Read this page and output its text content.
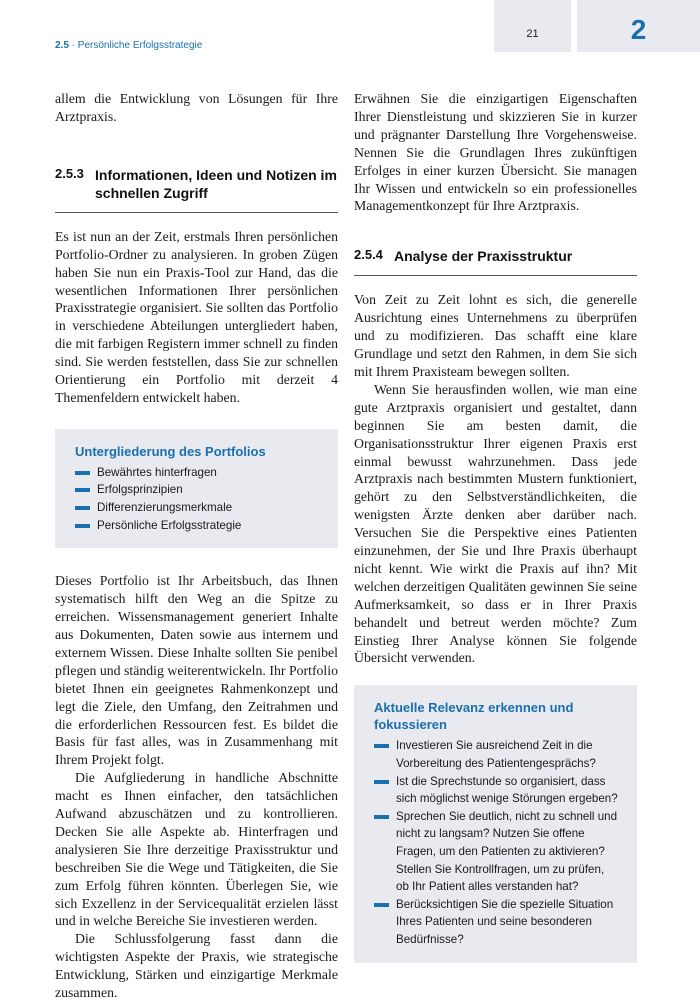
21	2
2.5 · Persönliche Erfolgsstrategie

allem die Entwicklung von Lösungen für Ihre Arztpraxis.

2.5.3 Informationen, Ideen und Notizen im schnellen Zugriff

Es ist nun an der Zeit, erstmals Ihren persönlichen Portfolio-Ordner zu analysieren. In groben Zügen haben Sie nun ein Praxis-Tool zur Hand, das die wesentlichen Informationen Ihrer persönlichen Praxisstrategie organisiert. Sie sollten das Portfolio in verschiedene Abteilungen untergliedert haben, die mit farbigen Registern immer schnell zu finden sind. Sie werden feststellen, dass Sie zur schnellen Orientierung ein Portfolio mit derzeit 4 Themenfeldern entwickelt haben.

Untergliederung des Portfolios
Bewährtes hinterfragen
Erfolgsprinzipien
Differenzierungsmerkmale
Persönliche Erfolgsstrategie

Dieses Portfolio ist Ihr Arbeitsbuch, das Ihnen systematisch hilft den Weg an die Spitze zu erreichen. Wissensmanagement generiert Inhalte aus Dokumenten, Daten sowie aus internem und externem Wissen. Diese Inhalte sollten Sie penibel pflegen und ständig weiterentwickeln. Ihr Portfolio bietet Ihnen ein geeignetes Rahmenkonzept und legt die Ziele, den Umfang, den Zeitrahmen und die erforderlichen Ressourcen fest. Es bildet die Basis für fast alles, was in Zusammenhang mit Ihrem Projekt folgt.

Die Aufgliederung in handliche Abschnitte macht es Ihnen einfacher, den tatsächlichen Aufwand abzuschätzen und zu kontrollieren. Decken Sie alle Aspekte ab. Hinterfragen und analysieren Sie Ihre derzeitige Praxisstruktur und beschreiben Sie die Wege und Tätigkeiten, die Sie zum Erfolg führen könnten. Überlegen Sie, wie sich Exzellenz in der Servicequalität erzielen lässt und in welche Bereiche Sie investieren werden.

Die Schlussfolgerung fasst dann die wichtigsten Aspekte der Praxis, wie strategische Entwicklung, Stärken und einzigartige Merkmale zusammen.

Erwähnen Sie die einzigartigen Eigenschaften Ihrer Dienstleistung und skizzieren Sie in kurzer und prägnanter Darstellung Ihre Vorgehensweise. Nennen Sie die Grundlagen Ihres zukünftigen Erfolges in einer kurzen Übersicht. Sie managen Ihr Wissen und entwickeln so ein professionelles Managementkonzept für Ihre Arztpraxis.

2.5.4 Analyse der Praxisstruktur

Von Zeit zu Zeit lohnt es sich, die generelle Ausrichtung eines Unternehmens zu überprüfen und zu modifizieren. Das schafft eine klare Grundlage und setzt den Rahmen, in dem Sie sich mit Ihrem Praxisteam bewegen sollten.

Wenn Sie herausfinden wollen, wie man eine gute Arztpraxis organisiert und gestaltet, dann beginnen Sie am besten damit, die Organisationsstruktur Ihrer eigenen Praxis erst einmal bewusst wahrzunehmen. Dass jede Arztpraxis nach bestimmten Mustern funktioniert, gehört zu den Selbstverständlichkeiten, die wenigsten Ärzte denken aber darüber nach. Versuchen Sie die Perspektive eines Patienten einzunehmen, der Sie und Ihre Praxis überhaupt nicht kennt. Wie wirkt die Praxis auf ihn? Mit welchen derzeitigen Qualitäten gewinnen Sie seine Aufmerksamkeit, so dass er in Ihrer Praxis behandelt und betreut werden möchte? Zum Einstieg Ihrer Analyse können Sie folgende Übersicht verwenden.

Aktuelle Relevanz erkennen und fokussieren
Investieren Sie ausreichend Zeit in die Vorbereitung des Patientengesprächs?
Ist die Sprechstunde so organisiert, dass sich möglichst wenige Störungen ergeben?
Sprechen Sie deutlich, nicht zu schnell und nicht zu langsam? Nutzen Sie offene Fragen, um den Patienten zu aktivieren? Stellen Sie Kontrollfragen, um zu prüfen, ob Ihr Patient alles verstanden hat?
Berücksichtigen Sie die spezielle Situation Ihres Patienten und seine besonderen Bedürfnisse?
